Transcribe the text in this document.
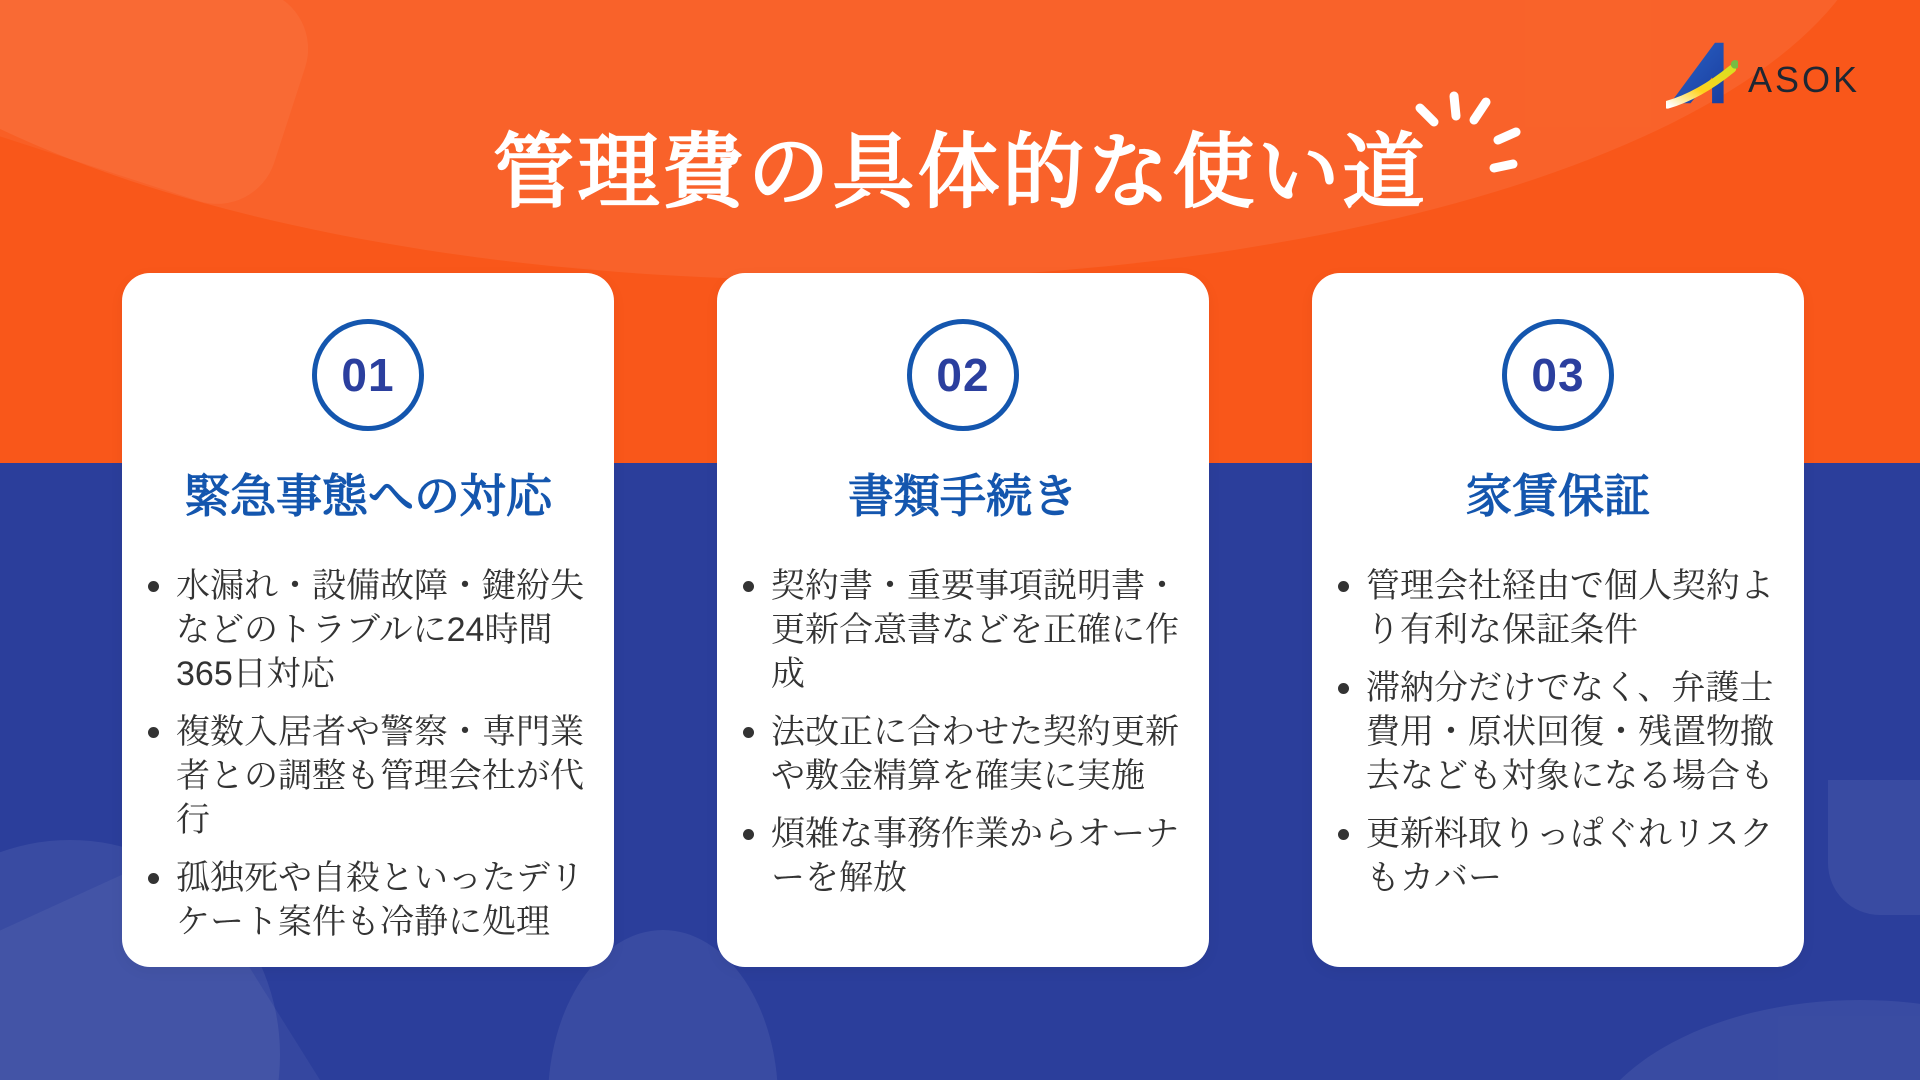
管理費の具体的な使い道
ASOK
01
緊急事態への対応
水漏れ・設備故障・鍵紛失などのトラブルに24時間365日対応
複数入居者や警察・専門業者との調整も管理会社が代行
孤独死や自殺といったデリケート案件も冷静に処理
02
書類手続き
契約書・重要事項説明書・更新合意書などを正確に作成
法改正に合わせた契約更新や敷金精算を確実に実施
煩雑な事務作業からオーナーを解放
03
家賃保証
管理会社経由で個人契約より有利な保証条件
滞納分だけでなく、弁護士費用・原状回復・残置物撤去なども対象になる場合も
更新料取りっぱぐれリスクもカバー
